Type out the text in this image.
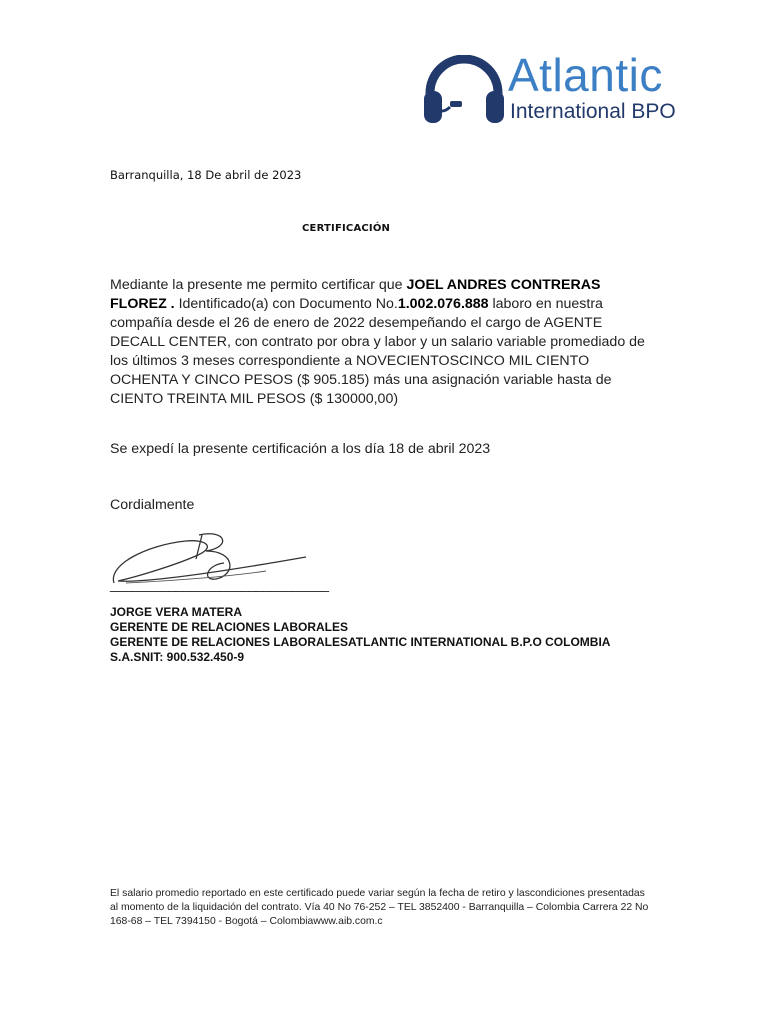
Atlantic
International BPO
Barranquilla, 18 De abril de 2023
CERTIFICACIÓN
Mediante la presente me permito certificar que JOEL ANDRES CONTRERAS FLOREZ . Identificado(a) con Documento No.1.002.076.888 laboro en nuestra compañía desde el 26 de enero de 2022 desempeñando el cargo de AGENTE DECALL CENTER, con contrato por obra y labor y un salario variable promediado de los últimos 3 meses correspondiente a NOVECIENTOSCINCO MIL CIENTO OCHENTA Y CINCO PESOS ($ 905.185) más una asignación variable hasta de CIENTO TREINTA MIL PESOS ($ 130000,00)
Se expedí la presente certificación a los día 18 de abril 2023
Cordialmente
______________________________
JORGE VERA MATERA
GERENTE DE RELACIONES LABORALES
GERENTE DE RELACIONES LABORALESATLANTIC INTERNATIONAL B.P.O COLOMBIA
S.A.SNIT: 900.532.450-9
El salario promedio reportado en este certificado puede variar según la fecha de retiro y lascondiciones presentadas al momento de la liquidación del contrato. Vía 40 No 76-252 – TEL 3852400 - Barranquilla – Colombia Carrera 22 No 168-68 – TEL 7394150 - Bogotá – Colombiawww.aib.com.c
